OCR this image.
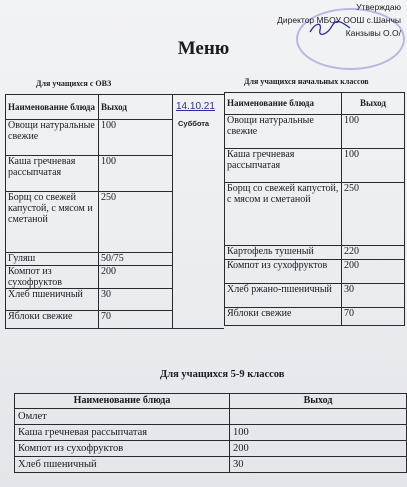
Утверждаю
Директор МБОУ ООШ с.Шанчы
Канзывы О.О/
Меню
Для учащихся с ОВЗ	Для учащихся начальных классов
Наименование блюда	Выход
Овощи натуральные свежие	100
Каша гречневая рассыпчатая	100
Борщ со свежей капустой, с мясом и сметаной	250
Гуляш	50/75
Компот из сухофруктов	200
Хлеб пшеничный	30
Яблоки свежие	70
14.10.21
Суббота
Наименование блюда	Выход
Овощи натуральные свежие	100
Каша гречневая рассыпчатая	100
Борщ со свежей капустой, с мясом и сметаной	250
Картофель тушеный	220
Компот из сухофруктов	200
Хлеб ржано-пшеничный	30
Яблоки свежие	70
Для учащихся 5-9 классов
Наименование блюда	Выход
Омлет	
Каша гречневая рассыпчатая	100
Компот из сухофруктов	200
Хлеб пшеничный	30
